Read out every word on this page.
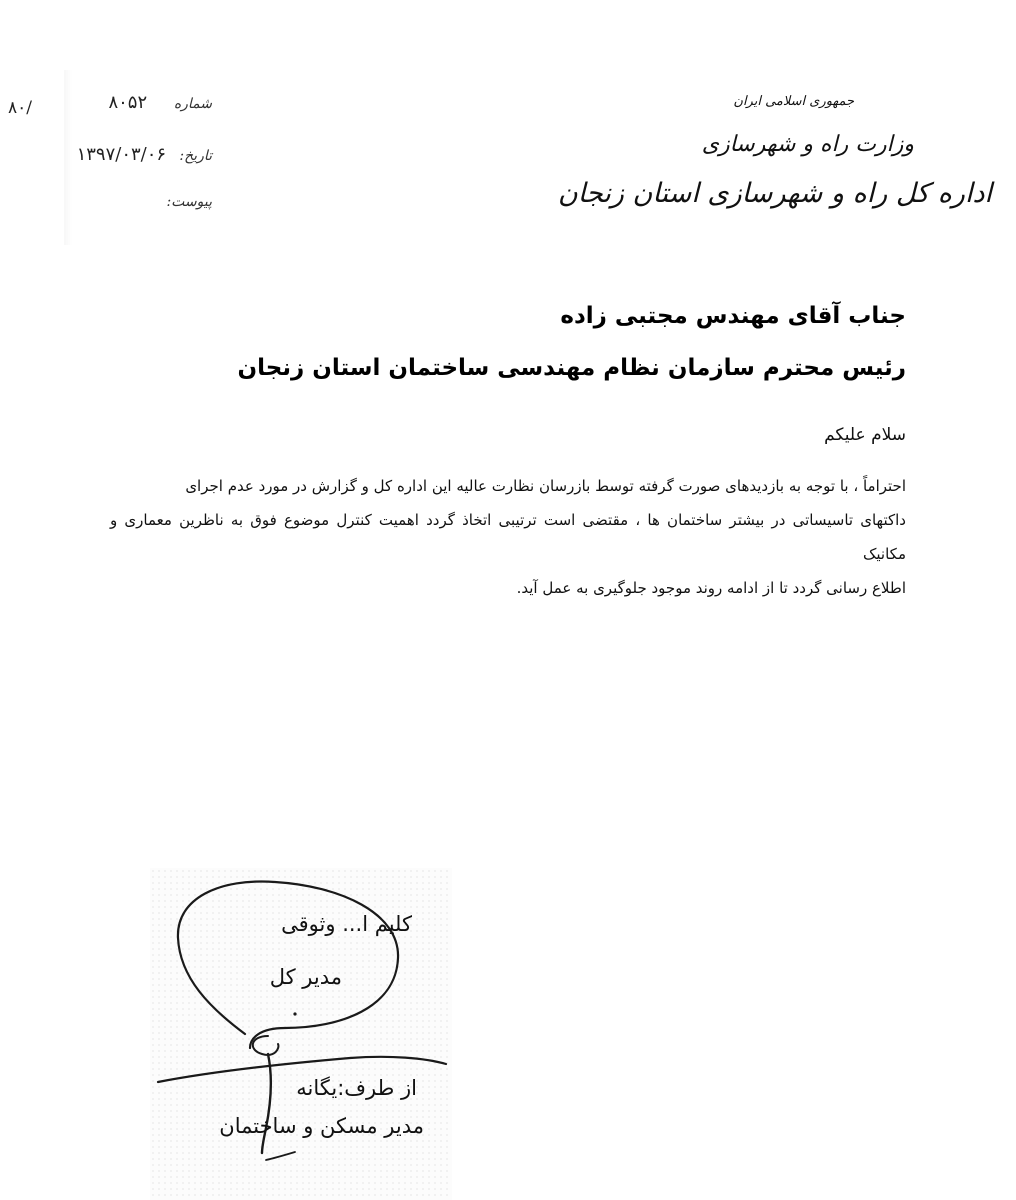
۸۰/	شماره      ۸۰۵۲
تاریخ:   ۱۳۹۷/۰۳/۰۶
پیوست:
جمهوری اسلامی ایران
وزارت راه و شهرسازی
اداره کل راه و شهرسازی استان زنجان
جناب آقای مهندس مجتبی زاده
رئیس محترم سازمان نظام مهندسی ساختمان استان زنجان
سلام علیکم
احتراماً ، با توجه به بازدیدهای صورت گرفته توسط بازرسان نظارت عالیه این اداره کل و گزارش در مورد عدم اجرای
داکتهای تاسیساتی در بیشتر ساختمان ها ، مقتضی است ترتیبی اتخاذ گردد اهمیت کنترل موضوع فوق به ناظرین معماری و مکانیک
اطلاع رسانی گردد تا از ادامه روند موجود جلوگیری به عمل آید.
کلیم ا... وثوقی
مدیر کل
از طرف:یگانه
مدیر مسکن و ساختمان
